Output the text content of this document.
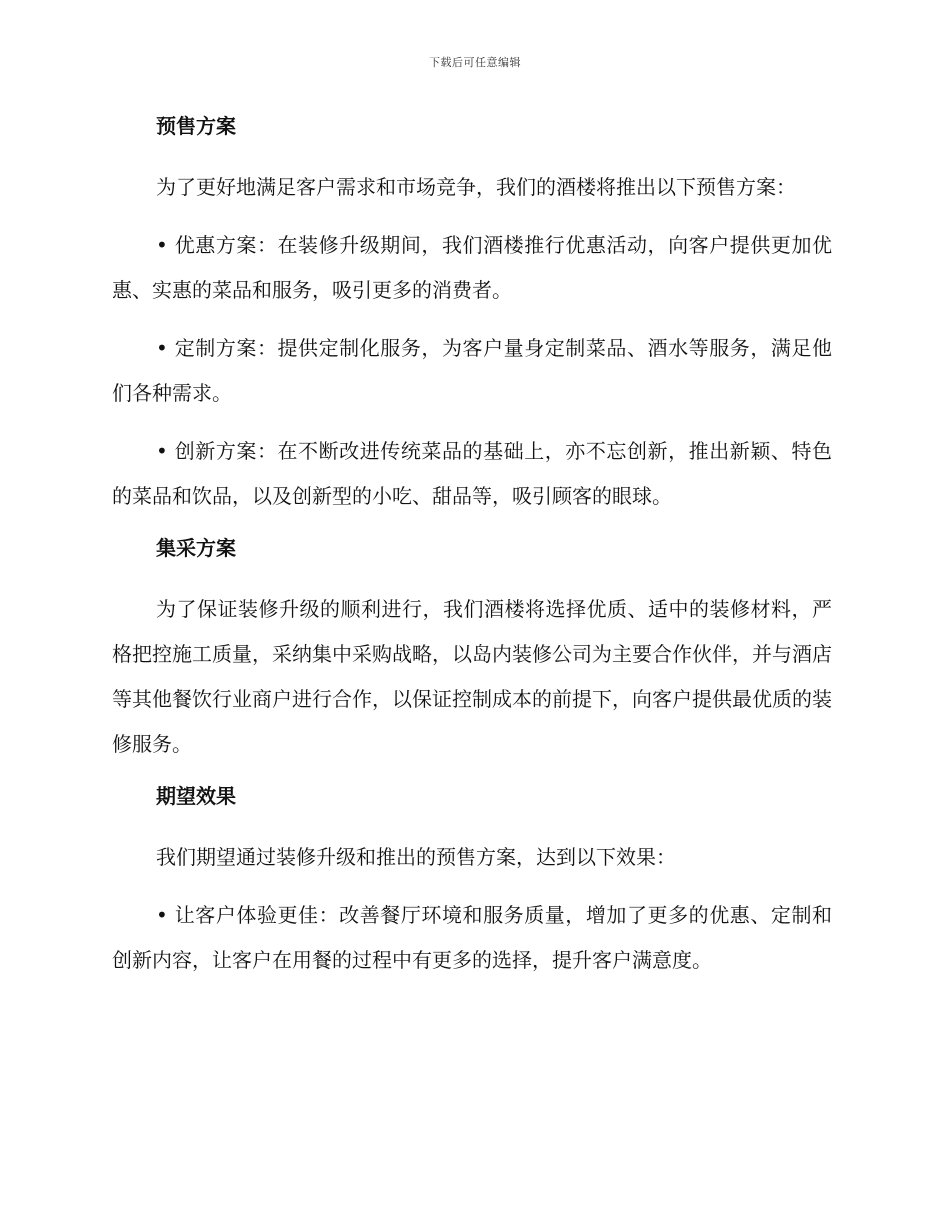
下载后可任意编辑
预售方案

为了更好地满足客户需求和市场竞争，我们的酒楼将推出以下预售方案：

• 优惠方案：在装修升级期间，我们酒楼推行优惠活动，向客户提供更加优惠、实惠的菜品和服务，吸引更多的消费者。

• 定制方案：提供定制化服务，为客户量身定制菜品、酒水等服务，满足他们各种需求。

• 创新方案：在不断改进传统菜品的基础上，亦不忘创新，推出新颖、特色的菜品和饮品，以及创新型的小吃、甜品等，吸引顾客的眼球。

集采方案

为了保证装修升级的顺利进行，我们酒楼将选择优质、适中的装修材料，严格把控施工质量，采纳集中采购战略，以岛内装修公司为主要合作伙伴，并与酒店等其他餐饮行业商户进行合作，以保证控制成本的前提下，向客户提供最优质的装修服务。

期望效果

我们期望通过装修升级和推出的预售方案，达到以下效果：

• 让客户体验更佳：改善餐厅环境和服务质量，增加了更多的优惠、定制和创新内容，让客户在用餐的过程中有更多的选择，提升客户满意度。
